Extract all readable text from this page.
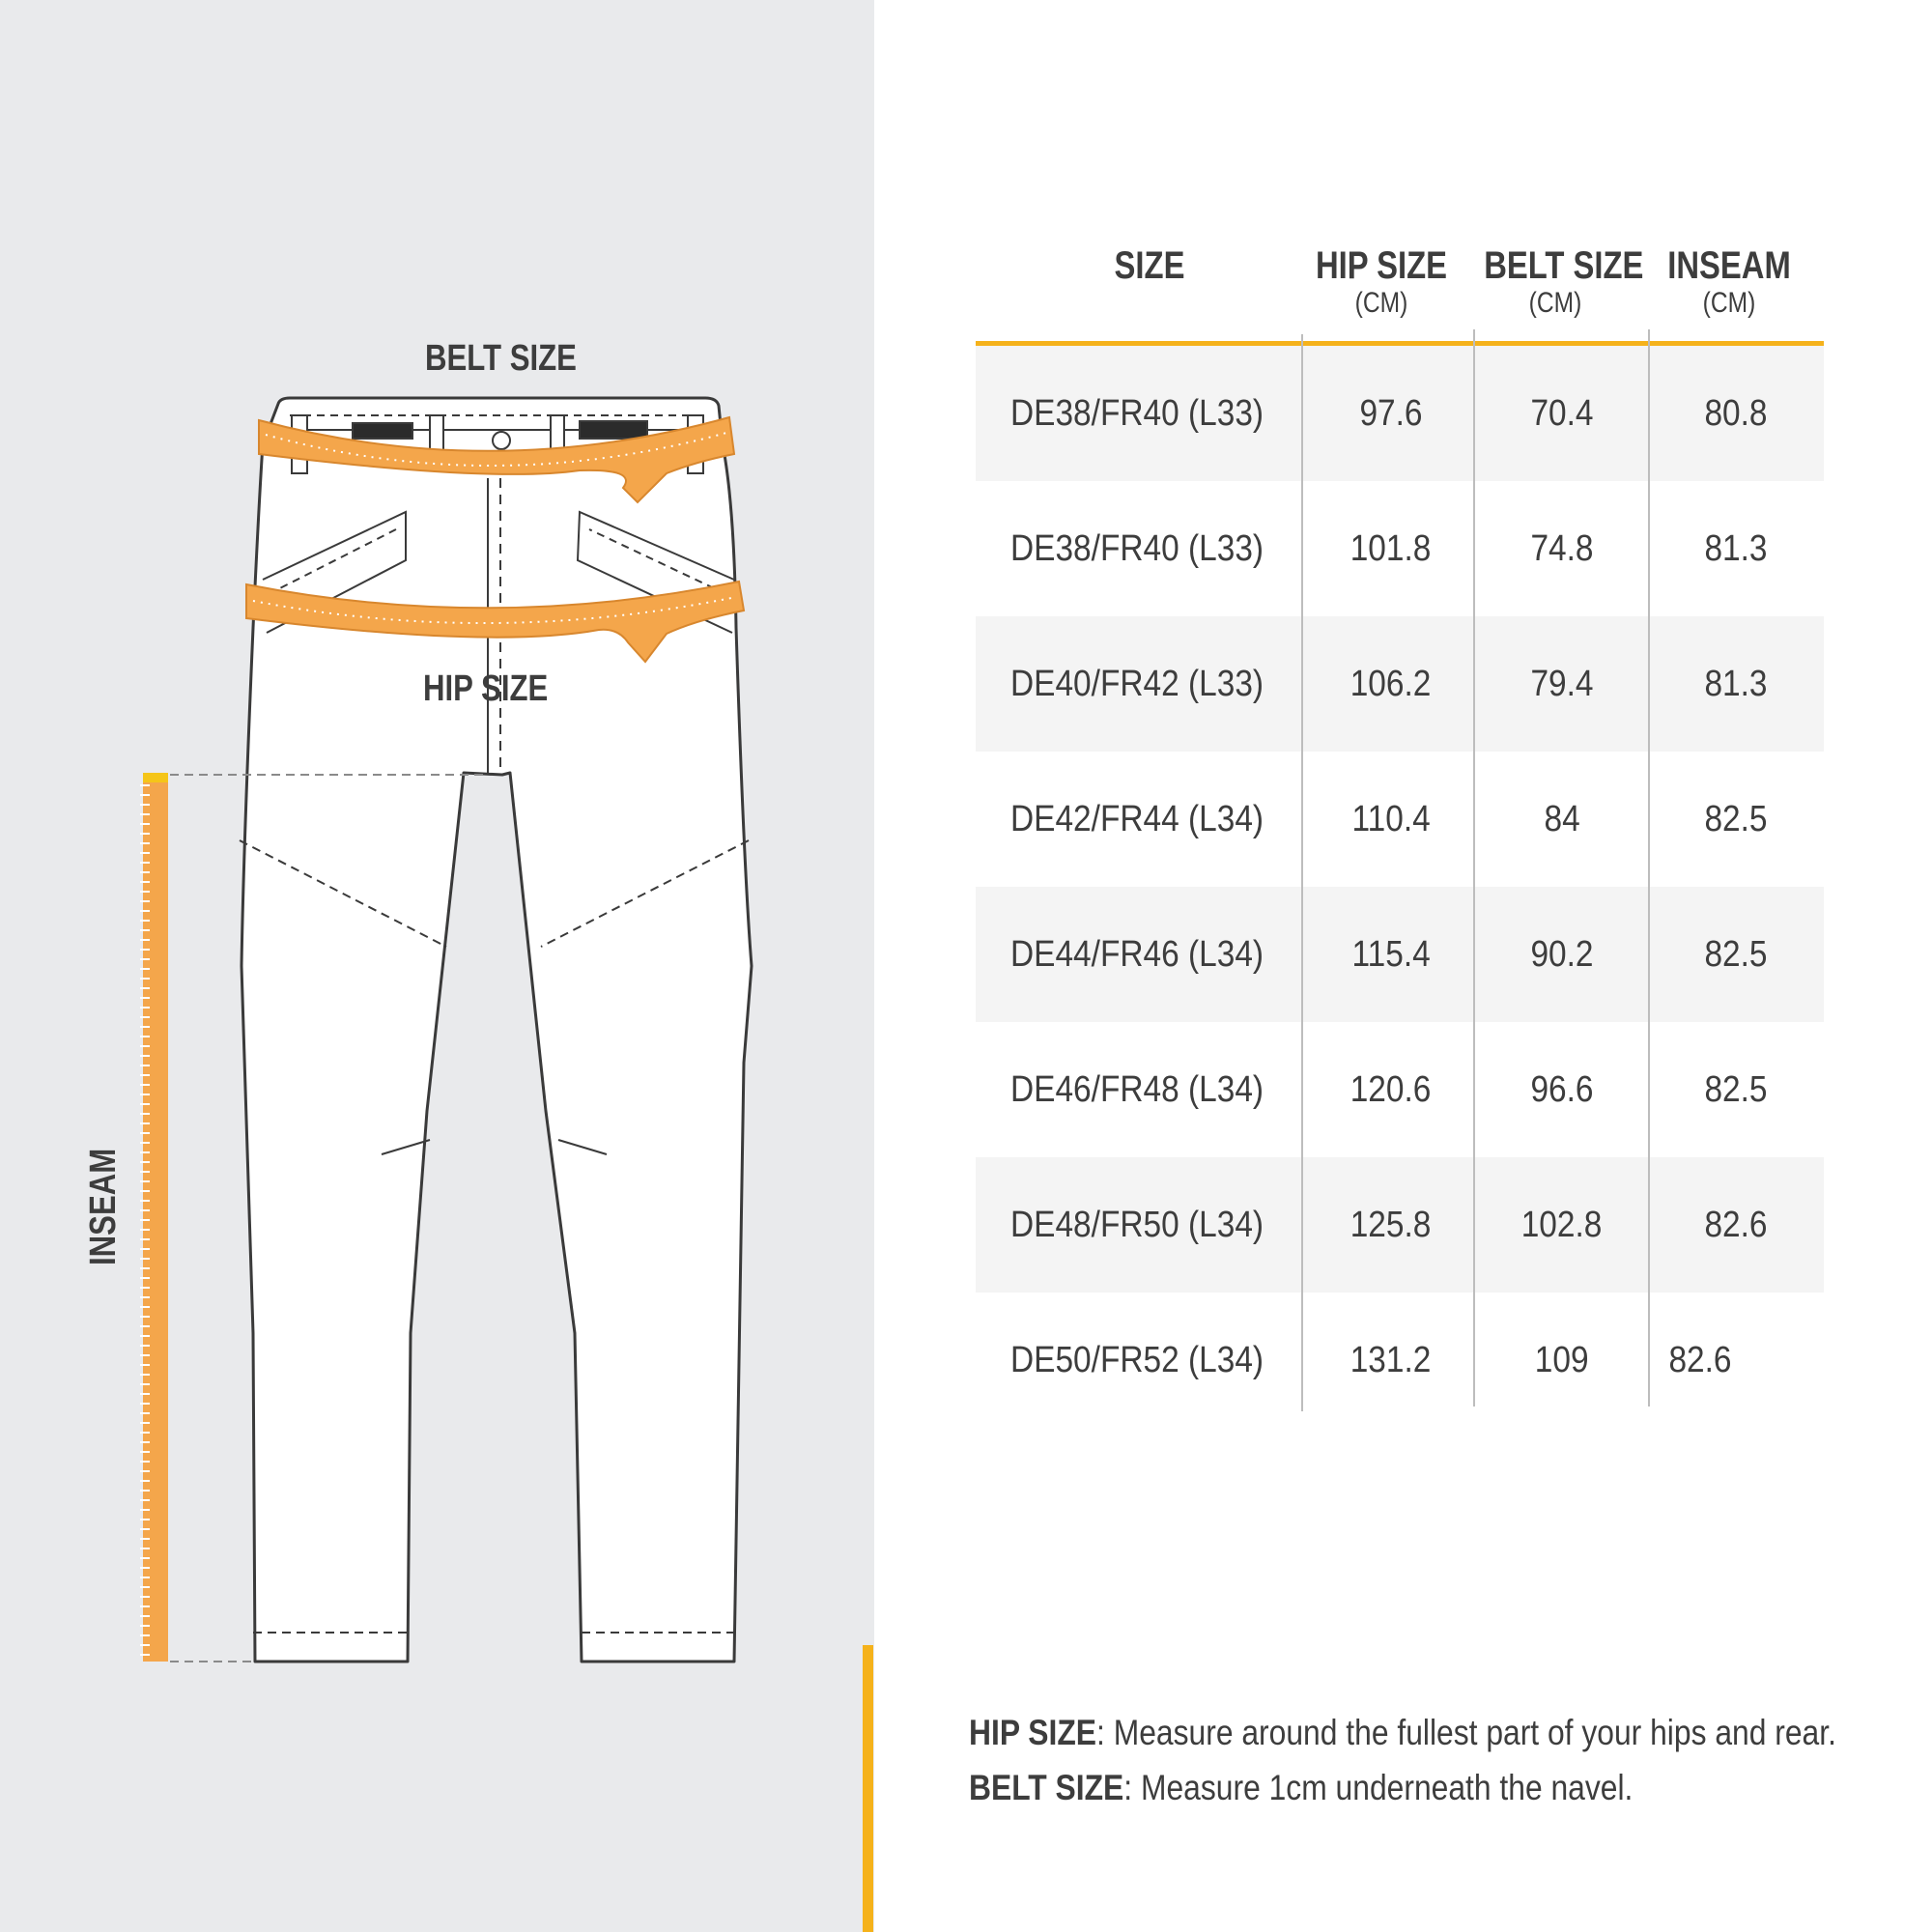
BELT SIZE
HIP SIZE
INSEAM
SIZE	HIP SIZE
(CM)
BELT SIZE
(CM)
INSEAM
(CM)
DE38/FR40 (L33)	97.6	70.4	80.8
DE38/FR40 (L33)	101.8	74.8	81.3
DE40/FR42 (L33)	106.2	79.4	81.3
DE42/FR44 (L34)	110.4	84	82.5
DE44/FR46 (L34)	115.4	90.2	82.5
DE46/FR48 (L34)	120.6	96.6	82.5
DE48/FR50 (L34)	125.8	102.8	82.6
DE50/FR52 (L34)	131.2	109	82.6
HIP SIZE: Measure around the fullest part of your hips and rear.
BELT SIZE: Measure 1cm underneath the navel.
